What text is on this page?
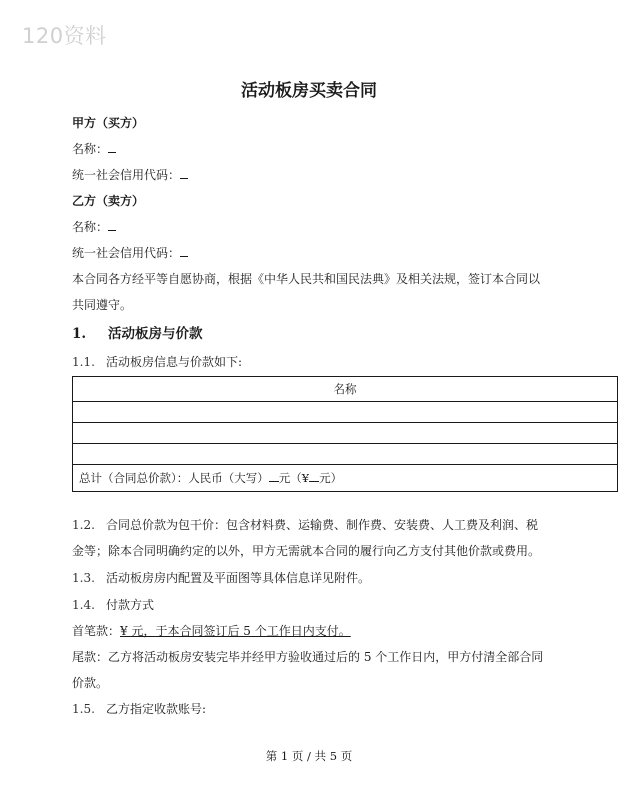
120资料
活动板房买卖合同
甲方（买方）
名称：
统一社会信用代码：
乙方（卖方）
名称：
统一社会信用代码：
本合同各方经平等自愿协商，根据《中华人民共和国民法典》及相关法规，签订本合同以
共同遵守。
1. 活动板房与价款
1.1. 活动板房信息与价款如下:
名称

总计（合同总价款）：人民币（大写） 元（¥ 元）
1.2. 合同总价款为包干价：包含材料费、运输费、制作费、安装费、人工费及利润、税
金等；除本合同明确约定的以外，甲方无需就本合同的履行向乙方支付其他价款或费用。
1.3. 活动板房房内配置及平面图等具体信息详见附件。
1.4. 付款方式
首笔款：¥ 元，于本合同签订后 5 个工作日内支付。
尾款：乙方将活动板房安装完毕并经甲方验收通过后的 5 个工作日内，甲方付清全部合同
价款。
1.5. 乙方指定收款账号:
第 1 页 / 共 5 页
